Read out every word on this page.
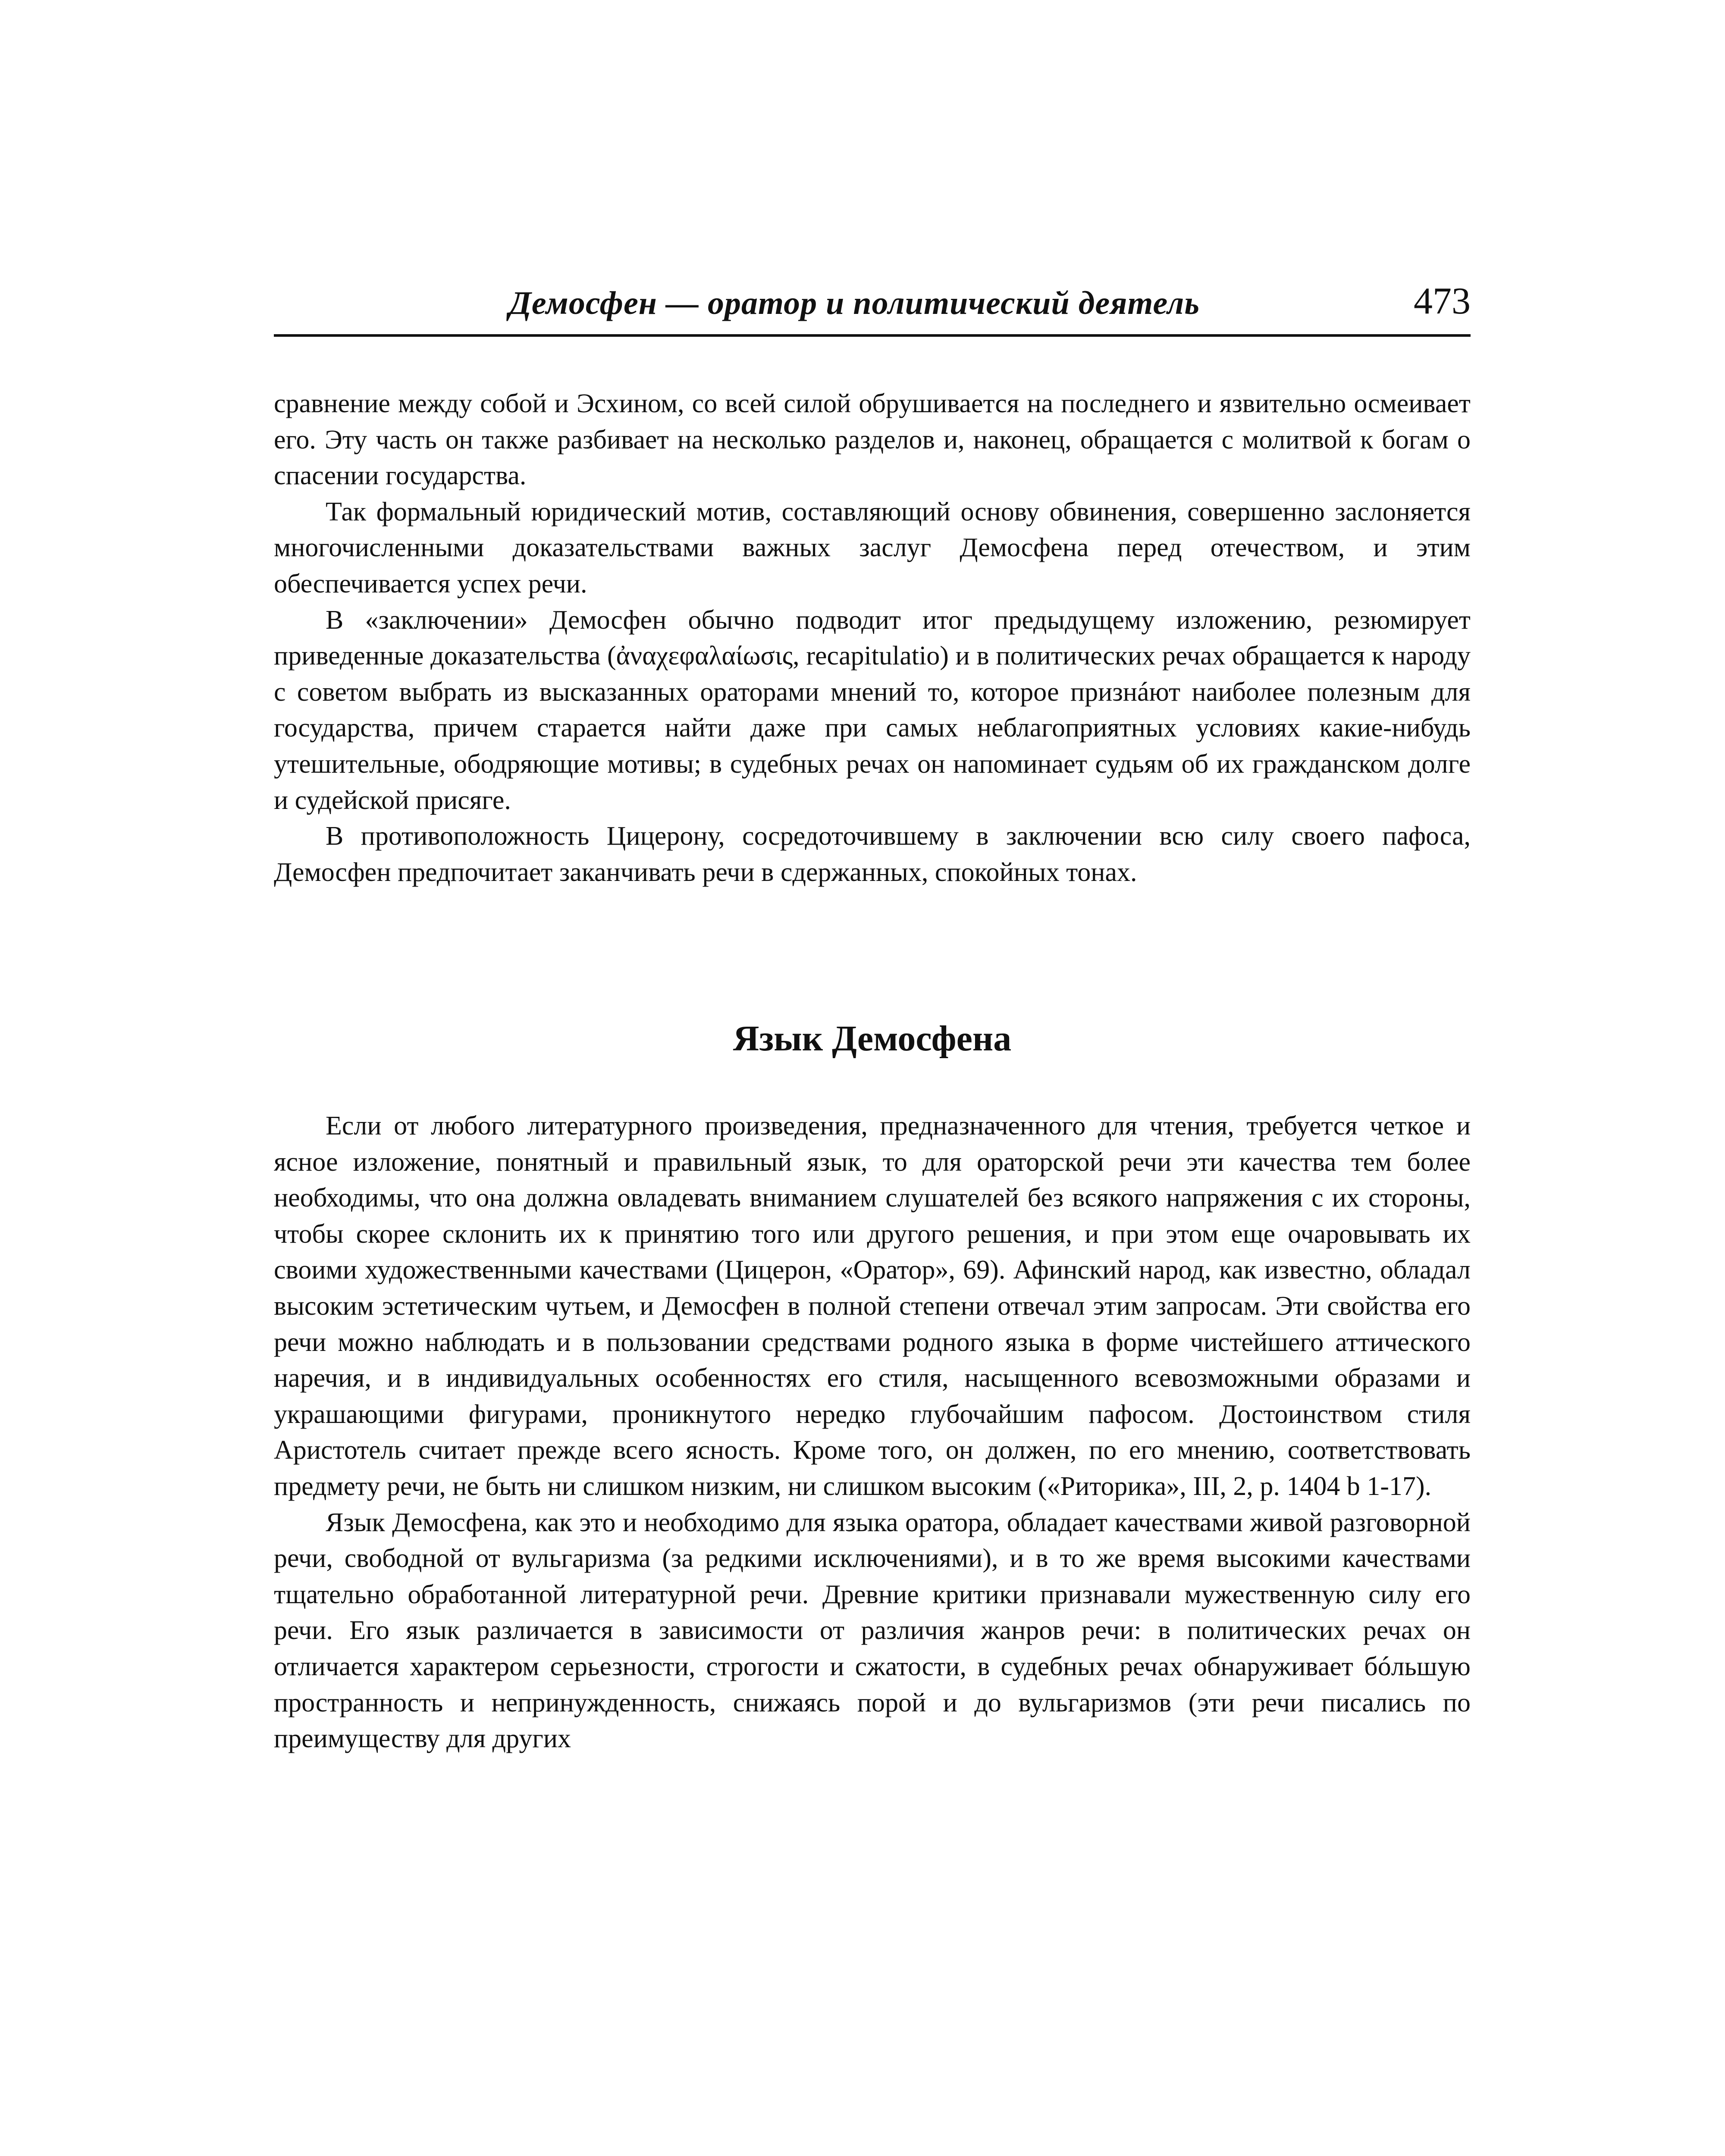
Демосфен — оратор и политический деятель	473

сравнение между собой и Эсхином, со всей силой обрушивается на последнего и язвительно осмеивает его. Эту часть он также разбивает на несколько разделов и, наконец, обращается с молитвой к богам о спасении государства.

Так формальный юридический мотив, составляющий основу обвинения, совершенно заслоняется многочисленными доказательствами важных заслуг Демосфена перед отечеством, и этим обеспечивается успех речи.

В «заключении» Демосфен обычно подводит итог предыдущему изложению, резюмирует приведенные доказательства (ἀναχεφαλαίωσις, recapitulatio) и в политических речах обращается к народу с советом выбрать из высказанных ораторами мнений то, которое признáют наиболее полезным для государства, причем старается найти даже при самых неблагоприятных условиях какие-нибудь утешительные, ободряющие мотивы; в судебных речах он напоминает судьям об их гражданском долге и судейской присяге.

В противоположность Цицерону, сосредоточившему в заключении всю силу своего пафоса, Демосфен предпочитает заканчивать речи в сдержанных, спокойных тонах.

Язык Демосфена

Если от любого литературного произведения, предназначенного для чтения, требуется четкое и ясное изложение, понятный и правильный язык, то для ораторской речи эти качества тем более необходимы, что она должна овладевать вниманием слушателей без всякого напряжения с их стороны, чтобы скорее склонить их к принятию того или другого решения, и при этом еще очаровывать их своими художественными качествами (Цицерон, «Оратор», 69). Афинский народ, как известно, обладал высоким эстетическим чутьем, и Демосфен в полной степени отвечал этим запросам. Эти свойства его речи можно наблюдать и в пользовании средствами родного языка в форме чистейшего аттического наречия, и в индивидуальных особенностях его стиля, насыщенного всевозможными образами и украшающими фигурами, проникнутого нередко глубочайшим пафосом. Достоинством стиля Аристотель считает прежде всего ясность. Кроме того, он должен, по его мнению, соответствовать предмету речи, не быть ни слишком низким, ни слишком высоким («Риторика», III, 2, p. 1404 b 1-17).

Язык Демосфена, как это и необходимо для языка оратора, обладает качествами живой разговорной речи, свободной от вульгаризма (за редкими исключениями), и в то же время высокими качествами тщательно обработанной литературной речи. Древние критики признавали мужественную силу его речи. Его язык различается в зависимости от различия жанров речи: в политических речах он отличается характером серьезности, строгости и сжатости, в судебных речах обнаруживает бóльшую пространность и непринужденность, снижаясь порой и до вульгаризмов (эти речи писались по преимуществу для других
